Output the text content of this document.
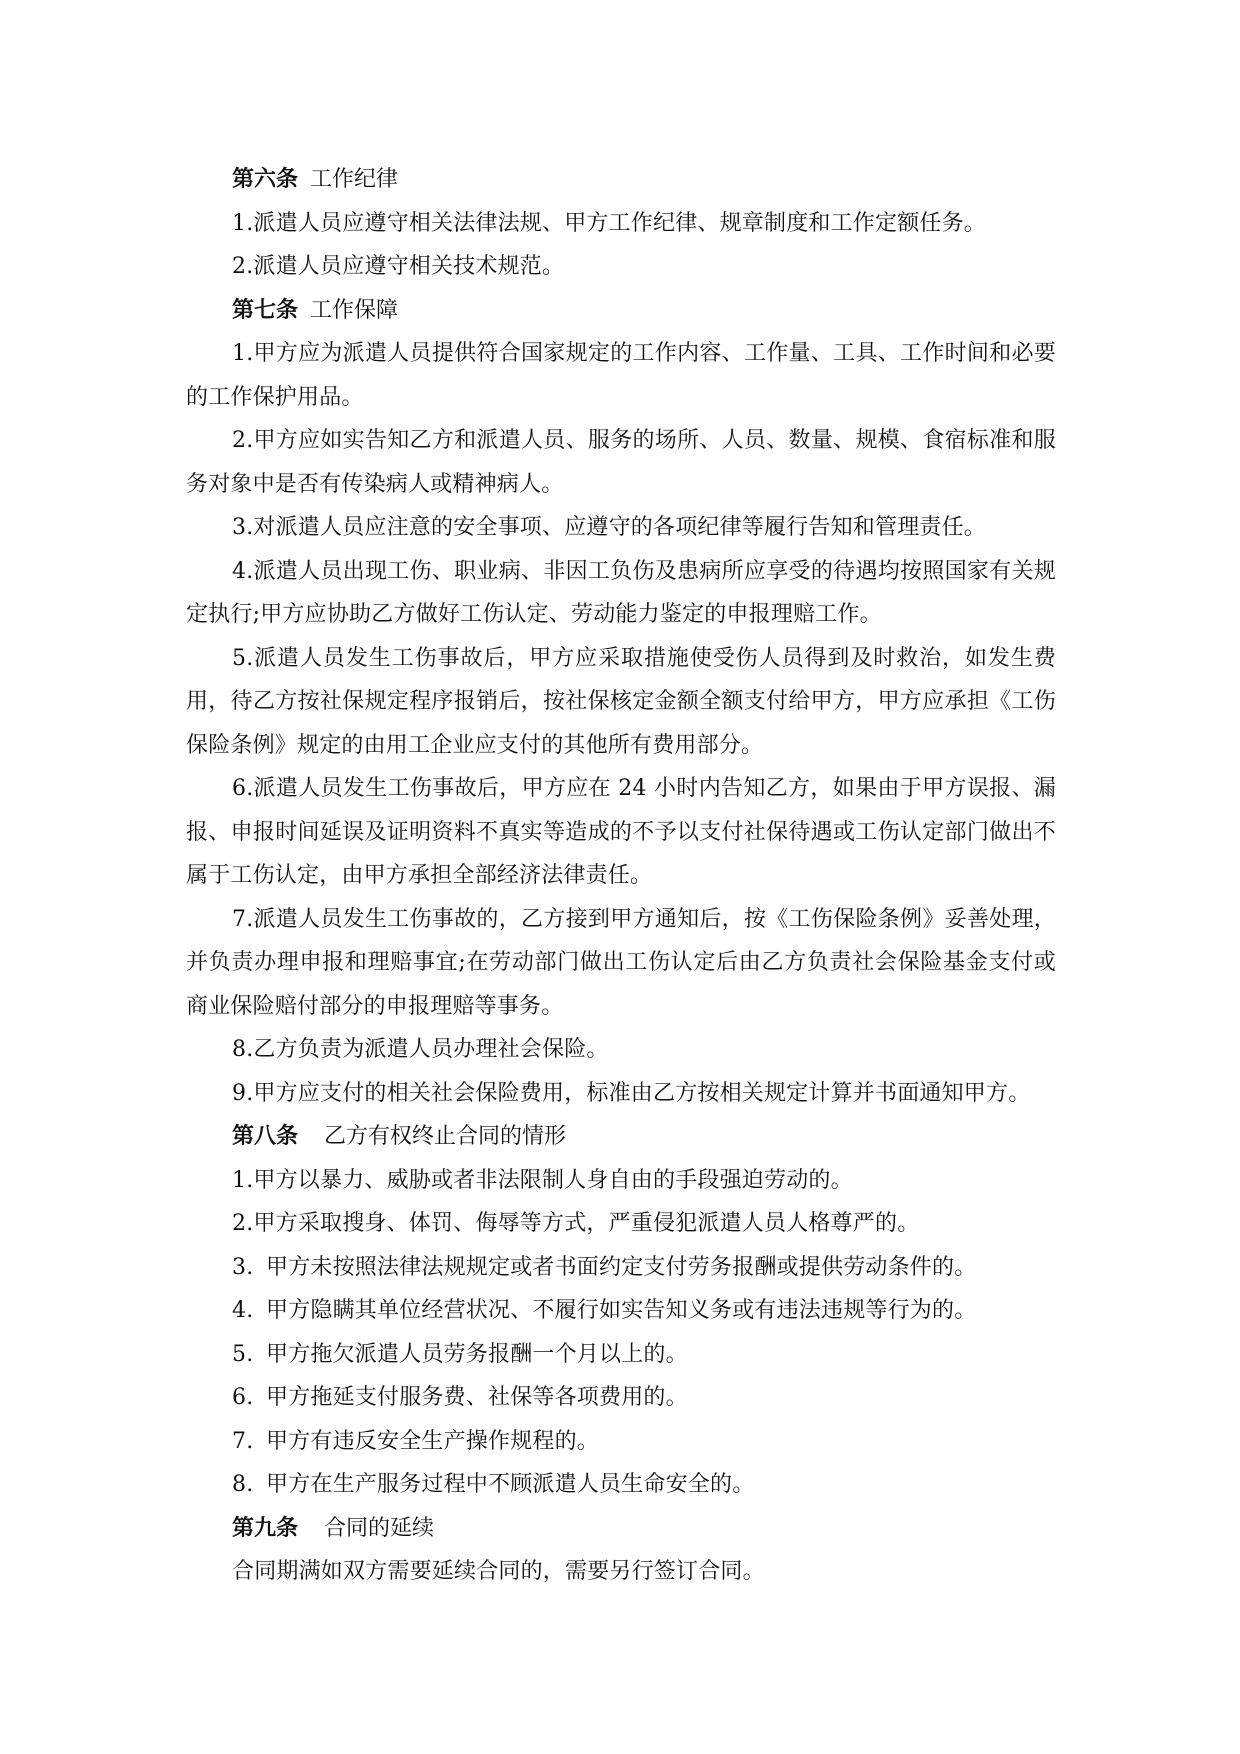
第六条 工作纪律

1.派遣人员应遵守相关法律法规、甲方工作纪律、规章制度和工作定额任务。

2.派遣人员应遵守相关技术规范。

第七条 工作保障

1.甲方应为派遣人员提供符合国家规定的工作内容、工作量、工具、工作时间和必要的工作保护用品。

2.甲方应如实告知乙方和派遣人员、服务的场所、人员、数量、规模、食宿标准和服务对象中是否有传染病人或精神病人。

3.对派遣人员应注意的安全事项、应遵守的各项纪律等履行告知和管理责任。

4.派遣人员出现工伤、职业病、非因工负伤及患病所应享受的待遇均按照国家有关规定执行;甲方应协助乙方做好工伤认定、劳动能力鉴定的申报理赔工作。

5.派遣人员发生工伤事故后，甲方应采取措施使受伤人员得到及时救治，如发生费用，待乙方按社保规定程序报销后，按社保核定金额全额支付给甲方，甲方应承担《工伤保险条例》规定的由用工企业应支付的其他所有费用部分。

6.派遣人员发生工伤事故后，甲方应在 24 小时内告知乙方，如果由于甲方误报、漏报、申报时间延误及证明资料不真实等造成的不予以支付社保待遇或工伤认定部门做出不属于工伤认定，由甲方承担全部经济法律责任。

7.派遣人员发生工伤事故的，乙方接到甲方通知后，按《工伤保险条例》妥善处理，并负责办理申报和理赔事宜;在劳动部门做出工伤认定后由乙方负责社会保险基金支付或商业保险赔付部分的申报理赔等事务。

8.乙方负责为派遣人员办理社会保险。

9.甲方应支付的相关社会保险费用，标准由乙方按相关规定计算并书面通知甲方。

第八条 乙方有权终止合同的情形

1.甲方以暴力、威胁或者非法限制人身自由的手段强迫劳动的。

2.甲方采取搜身、体罚、侮辱等方式，严重侵犯派遣人员人格尊严的。

3. 甲方未按照法律法规规定或者书面约定支付劳务报酬或提供劳动条件的。

4. 甲方隐瞒其单位经营状况、不履行如实告知义务或有违法违规等行为的。

5. 甲方拖欠派遣人员劳务报酬一个月以上的。

6. 甲方拖延支付服务费、社保等各项费用的。

7. 甲方有违反安全生产操作规程的。

8. 甲方在生产服务过程中不顾派遣人员生命安全的。

第九条 合同的延续

合同期满如双方需要延续合同的，需要另行签订合同。
